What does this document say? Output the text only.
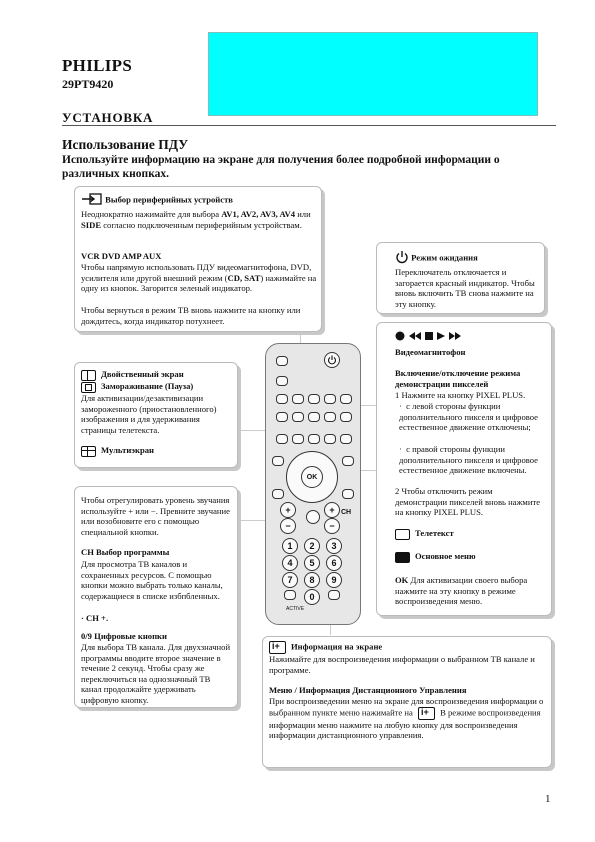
PHILIPS
29PT9420
УСТАНОВКА
Использование ПДУ
Используйте информацию на экране для получения более подробной информации о различных кнопках.
Выбор периферийных устройств
Неоднократно нажимайте для выбора AV1, AV2, AV3, AV4 или SIDE согласно подключенным периферийным устройствам.
VCR DVD AMP AUX
Чтобы напрямую использовать ПДУ видеомагнитофона, DVD, усилителя или другой внешний режим (CD, SAT) нажимайте на одну из кнопок. Загорится зеленый индикатор.
Чтобы вернуться в режим ТВ вновь нажмите на кнопку или дождитесь, когда индикатор потухнеет.
Режим ожидания
Переключатель отключается и загорается красный индикатор. Чтобы вновь включить ТВ снова нажмите на эту кнопку.
Видеомагнитофон
Включение/отключение режима демонстрации пикселей
1 Нажмите на кнопку PIXEL PLUS.
·  с левой стороны функции дополнительного пикселя и цифровое естественное движение отключены;
·  с правой стороны функции дополнительного пикселя и цифровое естественное движение включены.
2 Чтобы отключить режим демонстрации пикселей вновь нажмите на кнопку PIXEL PLUS.
Телетекст
Основное меню
OK Для активизации своего выбора нажмите на эту кнопку в режиме воспроизведения меню.
Двойственный экран
Замораживание (Пауза)
Для активизации/дезактивизации замороженного (приостановленного) изображения и для удерживания страницы телетекста.
Мультиэкран
Чтобы отрегулировать уровень звучания используйте + или −. Превните звучание или возобновите его с помощью специальной кнопки.
CH Выбор программы
Для просмотра ТВ каналов и сохраненных ресурсов. С помощью кнопки можно выбрать только каналы, содержащиеся в списке избпбленных.
· CH +.
0/9 Цифровые кнопки
Для выбора ТВ канала. Для двухзначной программы вводите второе значение в течение 2 секунд. Чтобы сразу же переключиться на однозначный ТВ канал продолжайте удерживать цифровую кнопку.
i+ Информация на экране
Нажимайте для воспроизведения информации о выбранном ТВ канале и программе.
Меню / Информация Дистанционного Управления
При воспроизведении меню на экране для воспроизведения информации о выбранном пункте меню нажимайте на i+ В режиме воспроизведения информации меню нажмите на любую кнопку для воспроизведения информации дистанционного управления.
OK
+
−
+
−
CH
1	2	3
4	5	6
7	8	9
0
ACTIVE
1
